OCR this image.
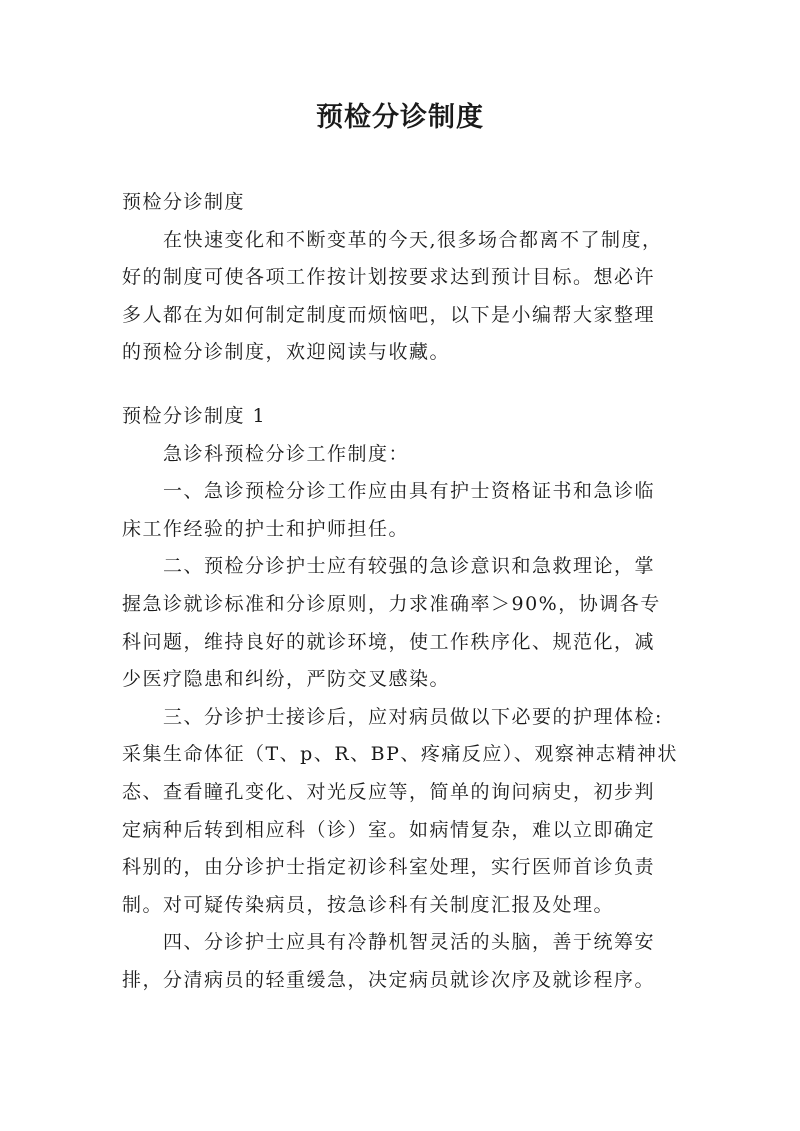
预检分诊制度
预检分诊制度
在快速变化和不断变革的今天,很多场合都离不了制度，
好的制度可使各项工作按计划按要求达到预计目标。想必许
多人都在为如何制定制度而烦恼吧，以下是小编帮大家整理
的预检分诊制度，欢迎阅读与收藏。
预检分诊制度 1
急诊科预检分诊工作制度：
一、急诊预检分诊工作应由具有护士资格证书和急诊临
床工作经验的护士和护师担任。
二、预检分诊护士应有较强的急诊意识和急救理论，掌
握急诊就诊标准和分诊原则，力求准确率＞90%，协调各专
科问题，维持良好的就诊环境，使工作秩序化、规范化，减
少医疗隐患和纠纷，严防交叉感染。
三、分诊护士接诊后，应对病员做以下必要的护理体检:
采集生命体征（T、p、R、BP、疼痛反应）、观察神志精神状
态、查看瞳孔变化、对光反应等，简单的询问病史，初步判
定病种后转到相应科（诊）室。如病情复杂，难以立即确定
科别的，由分诊护士指定初诊科室处理，实行医师首诊负责
制。对可疑传染病员，按急诊科有关制度汇报及处理。
四、分诊护士应具有冷静机智灵活的头脑，善于统筹安
排，分清病员的轻重缓急，决定病员就诊次序及就诊程序。
